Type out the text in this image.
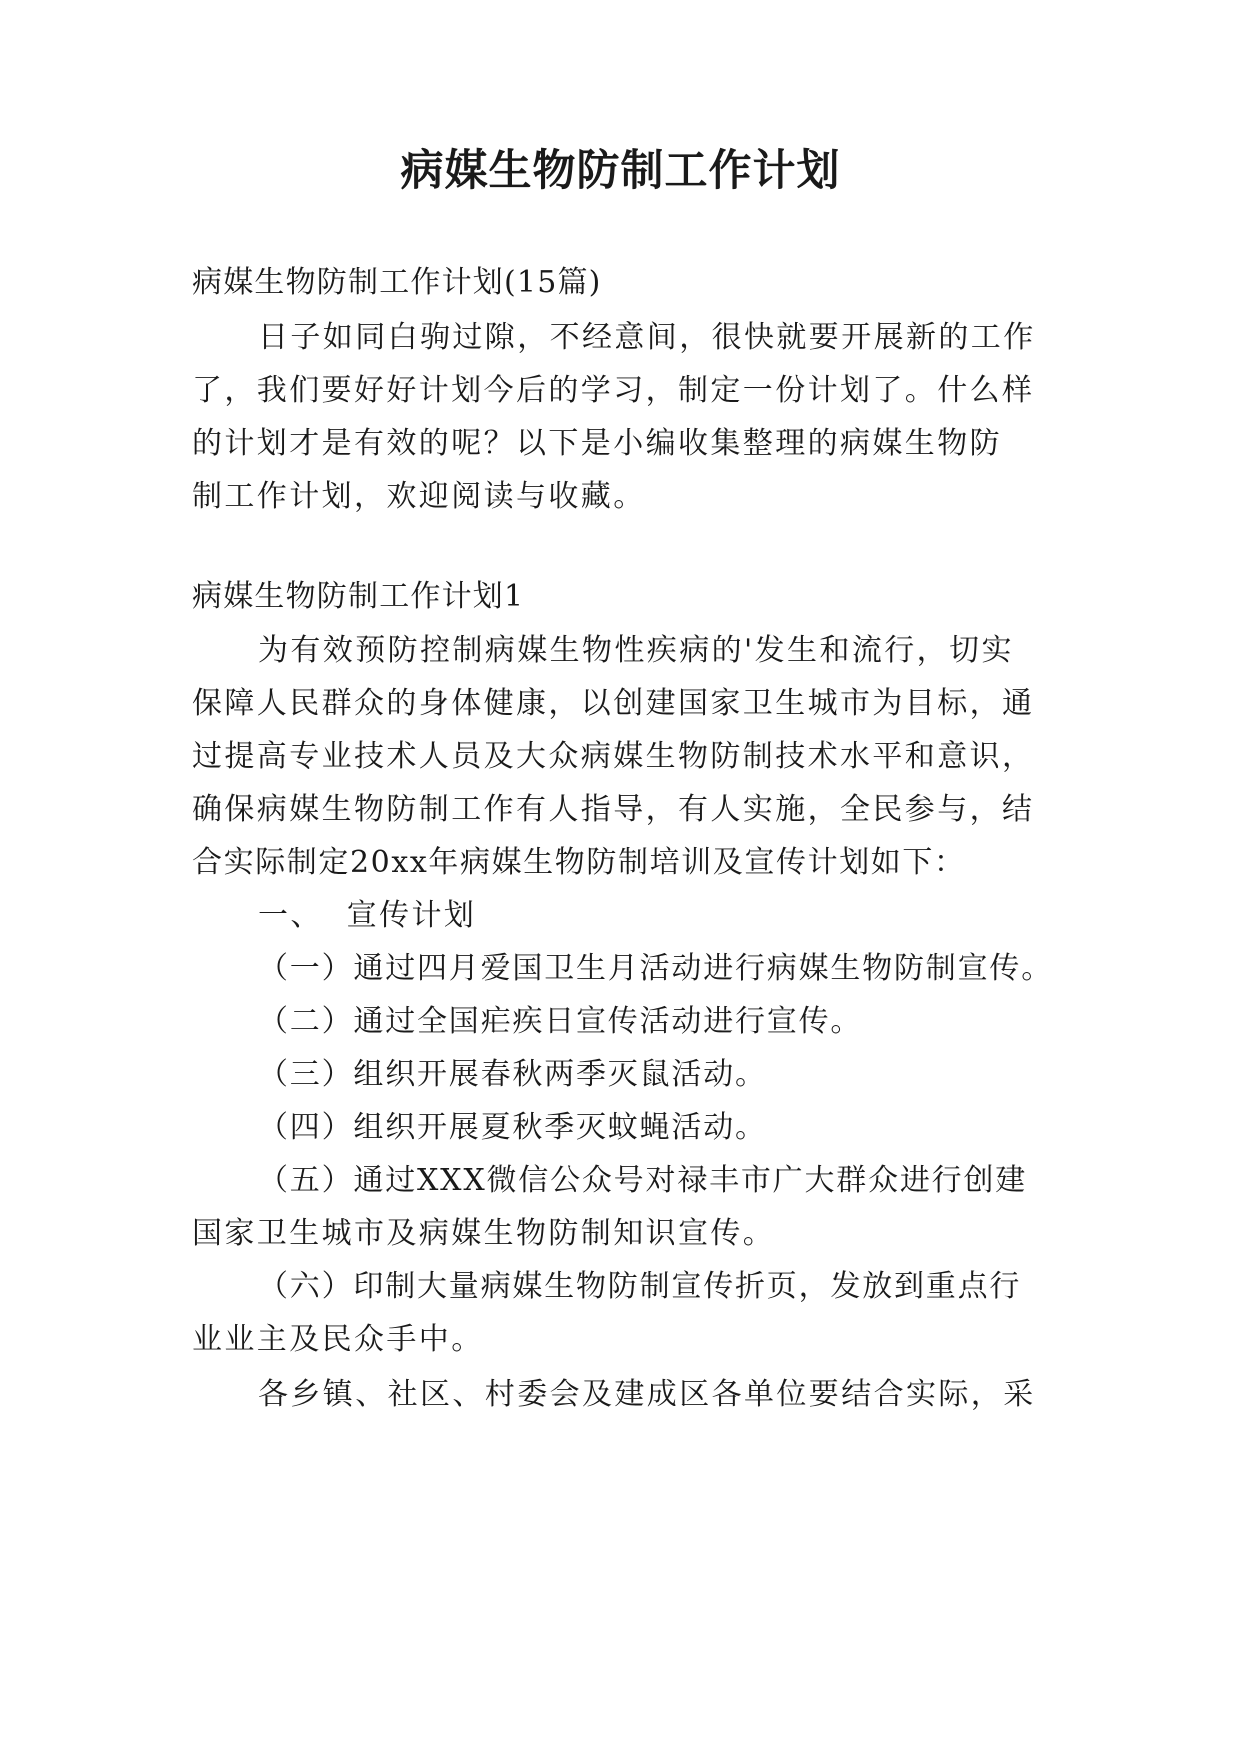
病媒生物防制工作计划
病媒生物防制工作计划(15篇)
日子如同白驹过隙，不经意间，很快就要开展新的工作
了，我们要好好计划今后的学习，制定一份计划了。什么样
的计划才是有效的呢？以下是小编收集整理的病媒生物防
制工作计划，欢迎阅读与收藏。
病媒生物防制工作计划1
为有效预防控制病媒生物性疾病的'发生和流行，切实
保障人民群众的身体健康，以创建国家卫生城市为目标，通
过提高专业技术人员及大众病媒生物防制技术水平和意识，
确保病媒生物防制工作有人指导，有人实施，全民参与，结
合实际制定20xx年病媒生物防制培训及宣传计划如下：
一、  宣传计划
（一）通过四月爱国卫生月活动进行病媒生物防制宣传。
（二）通过全国疟疾日宣传活动进行宣传。
（三）组织开展春秋两季灭鼠活动。
（四）组织开展夏秋季灭蚊蝇活动。
（五）通过XXX微信公众号对禄丰市广大群众进行创建
国家卫生城市及病媒生物防制知识宣传。
（六）印制大量病媒生物防制宣传折页，发放到重点行
业业主及民众手中。
各乡镇、社区、村委会及建成区各单位要结合实际，采
